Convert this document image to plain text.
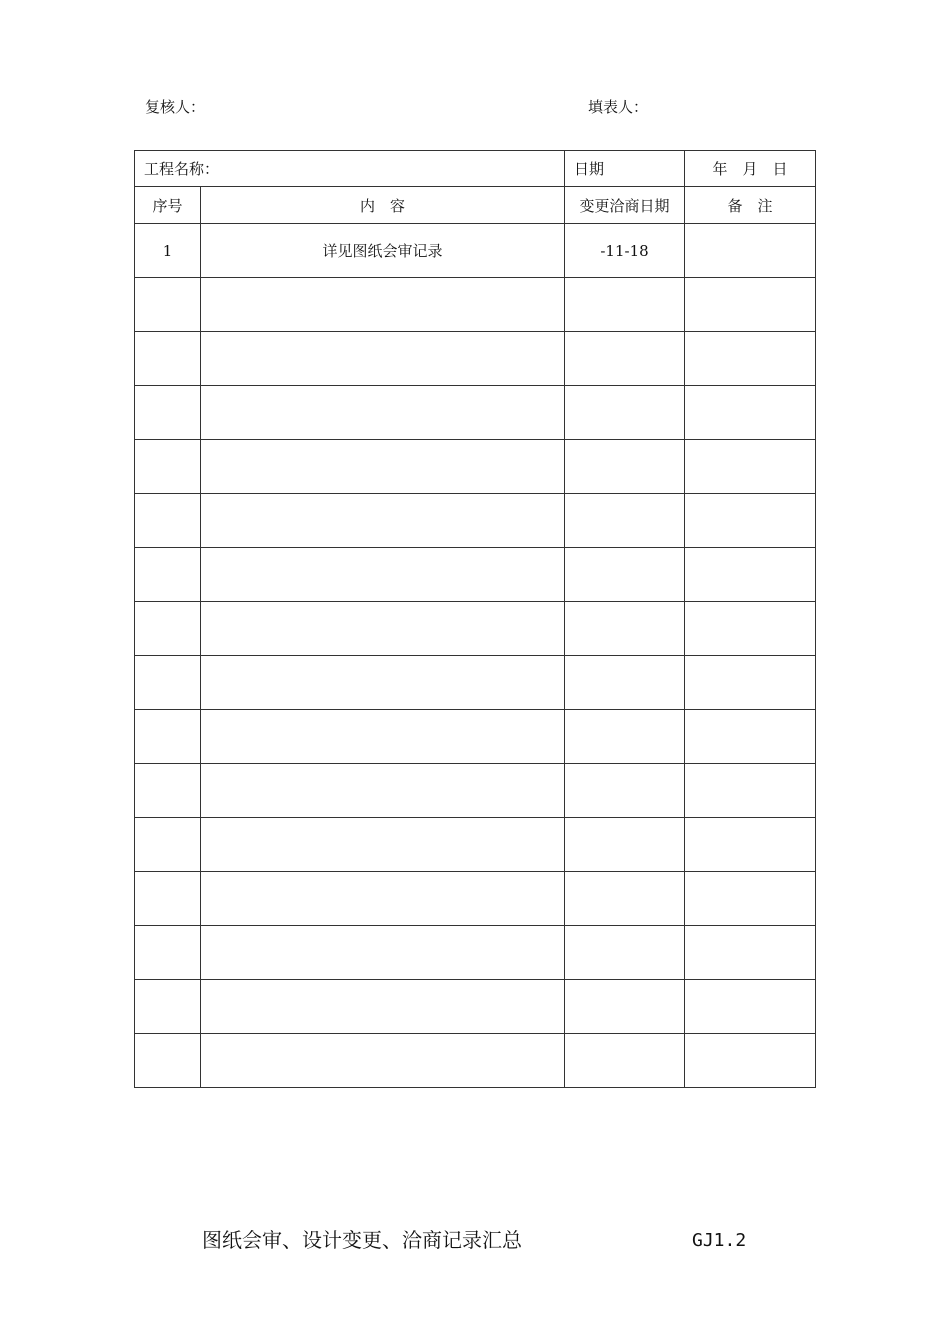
复核人：	填表人：
工程名称：		日期	年　月　日
序号	内　容	变更洽商日期	备　注
1	详见图纸会审记录	-11-18	

图纸会审、设计变更、洽商记录汇总	GJ1.2
